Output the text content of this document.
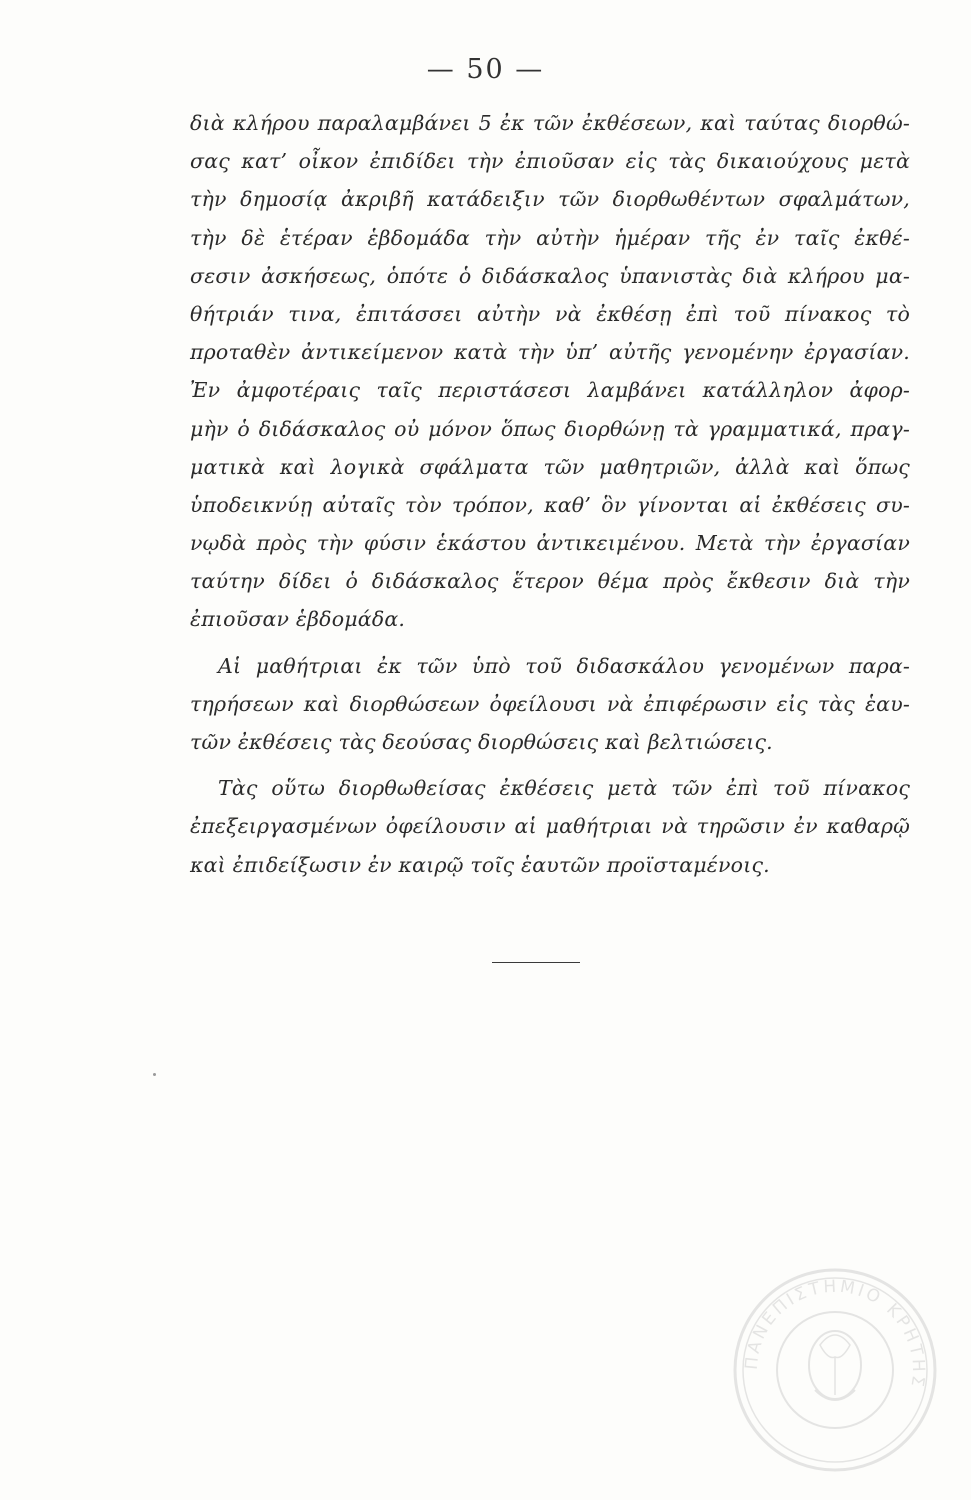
— 50 —
διὰ κλήρου παραλαμβάνει 5 ἐκ τῶν ἐκθέσεων, καὶ ταύτας διορθώ-
σας κατ’ οἶκον ἐπιδίδει τὴν ἐπιοῦσαν εἰς τὰς δικαιούχους μετὰ
τὴν δημοσίᾳ ἀκριβῆ κατάδειξιν τῶν διορθωθέντων σφαλμάτων,
τὴν δὲ ἑτέραν ἑβδομάδα τὴν αὐτὴν ἡμέραν τῆς ἐν ταῖς ἐκθέ-
σεσιν ἀσκήσεως, ὁπότε ὁ διδάσκαλος ὑπανιστὰς διὰ κλήρου μα-
θήτριάν τινα, ἐπιτάσσει αὐτὴν νὰ ἐκθέσῃ ἐπὶ τοῦ πίνακος τὸ
προταθὲν ἀντικείμενον κατὰ τὴν ὑπ’ αὐτῆς γενομένην ἐργασίαν.
Ἐν ἀμφοτέραις ταῖς περιστάσεσι λαμβάνει κατάλληλον ἀφορ-
μὴν ὁ διδάσκαλος οὐ μόνον ὅπως διορθώνῃ τὰ γραμματικά, πραγ-
ματικὰ καὶ λογικὰ σφάλματα τῶν μαθητριῶν, ἀλλὰ καὶ ὅπως
ὑποδεικνύῃ αὐταῖς τὸν τρόπον, καθ’ ὃν γίνονται αἱ ἐκθέσεις συ-
νῳδὰ πρὸς τὴν φύσιν ἑκάστου ἀντικειμένου. Μετὰ τὴν ἐργασίαν
ταύτην δίδει ὁ διδάσκαλος ἕτερον θέμα πρὸς ἔκθεσιν διὰ τὴν
ἐπιοῦσαν ἑβδομάδα.
Αἱ μαθήτριαι ἐκ τῶν ὑπὸ τοῦ διδασκάλου γενομένων παρα-
τηρήσεων καὶ διορθώσεων ὀφείλουσι νὰ ἐπιφέρωσιν εἰς τὰς ἑαυ-
τῶν ἐκθέσεις τὰς δεούσας διορθώσεις καὶ βελτιώσεις.
Τὰς οὕτω διορθωθείσας ἐκθέσεις μετὰ τῶν ἐπὶ τοῦ πίνακος
ἐπεξειργασμένων ὀφείλουσιν αἱ μαθήτριαι νὰ τηρῶσιν ἐν καθαρῷ
καὶ ἐπιδείξωσιν ἐν καιρῷ τοῖς ἑαυτῶν προϊσταμένοις.
ΠΑΝΕΠΙΣΤΗΜΙΟ ΚΡΗΤΗΣ
